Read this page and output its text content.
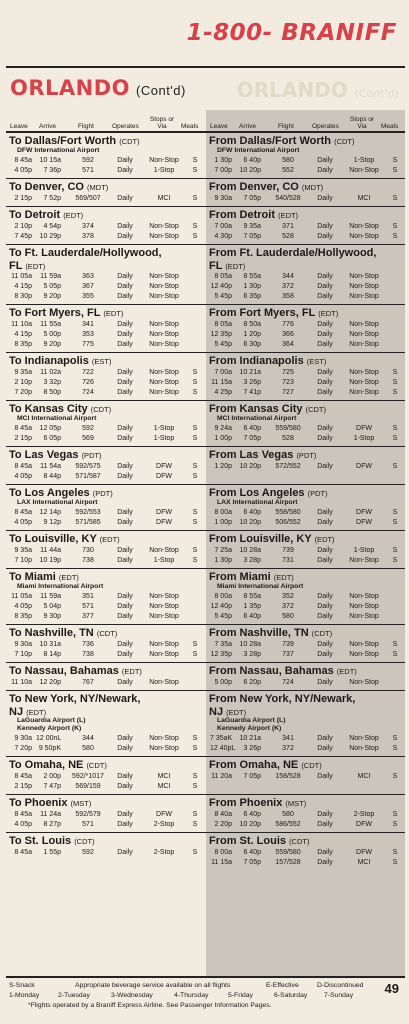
1-800- BRANIFF
ORLANDO (Cont'd)	ORLANDO (Cont'd)
Leave Arrive	Flight	Operates
Stops or Via	Meals Leave Arrive	Flight	Operates
Stops or Via	Meals
To Dallas/Fort Worth (CDT)
DFW International Airport
8 45a	10 15a	592	Daily	Non-Stop	S
4 05p	7 36p	571	Daily	1-Stop	S
From Dallas/Fort Worth (CDT)
DFW International Airport
1 30p	6 40p	580	Daily	1-Stop	S
7 00p	10 20p	552	Daily	Non-Stop	S
To Denver, CO (MDT)
2 15p	7 52p	569/507	Daily	MCI	S
From Denver, CO (MDT)
9 30a	7 05p	540/528	Daily	MCI	S
To Detroit (EDT)
2 10p	4 54p	374	Daily	Non-Stop	S
7 45p	10 29p	378	Daily	Non-Stop	S
From Detroit (EDT)
7 00a	9 35a	371	Daily	Non-Stop	S
4 30p	7 05p	528	Daily	Non-Stop	S
To Ft. Lauderdale/Hollywood,
FL (EDT)
11 05a	11 59a	363	Daily	Non-Stop
4 15p	5 05p	367	Daily	Non-Stop
8 30p	9 20p	355	Daily	Non-Stop
From Ft. Lauderdale/Hollywood,
FL (EDT)
8 05a	8 55a	344	Daily	Non-Stop
12 40p	1 30p	372	Daily	Non-Stop
5 45p	6 35p	358	Daily	Non-Stop
To Fort Myers, FL (EDT)
11 10a	11 55a	341	Daily	Non-Stop
4 15p	5 00p	353	Daily	Non-Stop
8 35p	9 20p	775	Daily	Non-Stop
From Fort Myers, FL (EDT)
8 05a	8 50a	776	Daily	Non-Stop
12 35p	1 20p	366	Daily	Non-Stop
5 45p	6 30p	364	Daily	Non-Stop
To Indianapolis (EST)
9 35a	11 02a	722	Daily	Non-Stop	S
2 10p	3 32p	726	Daily	Non-Stop	S
7 20p	8 50p	724	Daily	Non-Stop	S
From Indianapolis (EST)
7 00a	10 21a	725	Daily	Non-Stop	S
11 15a	3 26p	723	Daily	Non-Stop	S
4 25p	7 41p	727	Daily	Non-Stop	S
To Kansas City (CDT)
MCI International Airport
8 45a	12 05p	592	Daily	1-Stop	S
2 15p	6 05p	569	Daily	1-Stop	S
From Kansas City (CDT)
MCI International Airport
9 24a	6 40p	559/580	Daily	DFW	S
1 00p	7 05p	528	Daily	1-Stop	S
To Las Vegas (PDT)
8 45a	11 54a	592/575	Daily	DFW	S
4 05p	8 44p	571/587	Daily	DFW	S
From Las Vegas (PDT)
1 20p	10 20p	572/552	Daily	DFW	S
To Los Angeles (PDT)
LAX International Airport
8 45a	12 14p	592/553	Daily	DFW	S
4 05p	9 12p	571/585	Daily	DFW	S
From Los Angeles (PDT)
LAX International Airport
8 00a	6 40p	558/580	Daily	DFW	S
1 00p	10 20p	506/552	Daily	DFW	S
To Louisville, KY (EDT)
9 35a	11 44a	730	Daily	Non-Stop	S
7 10p	10 19p	738	Daily	1-Stop	S
From Louisville, KY (EDT)
7 25a	10 28a	739	Daily	1-Stop	S
1 30p	3 28p	731	Daily	Non-Stop	S
To Miami (EDT)
Miami International Airport
11 05a	11 59a	351	Daily	Non-Stop
4 05p	5 04p	571	Daily	Non-Stop
8 35p	9 30p	377	Daily	Non-Stop
From Miami (EDT)
Miami International Airport
8 00a	8 55a	352	Daily	Non-Stop
12 40p	1 35p	372	Daily	Non-Stop
5 45p	6 40p	580	Daily	Non-Stop
To Nashville, TN (CDT)
9 30a	10 31a	736	Daily	Non-Stop	S
7 10p	8 14p	738	Daily	Non-Stop	S
From Nashville, TN (CDT)
7 35a	10 28a	739	Daily	Non-Stop	S
12 35p	3 28p	737	Daily	Non-Stop	S
To Nassau, Bahamas (EDT)
11 10a	12 20p	767	Daily	Non-Stop
From Nassau, Bahamas (EDT)
5 00p	6 20p	724	Daily	Non-Stop
To New York, NY/Newark,
NJ (EDT)
LaGuardia Airport (L)
Kennedy Airport (K)
9 30a 12 00nL	344	Daily	Non-Stop	S
7 20p 9 50pK	580	Daily	Non-Stop	S
From New York, NY/Newark,
NJ (EDT)
LaGuardia Airport (L)
Kennedy Airport (K)
7 35aK	10 21a	341	Daily	Non-Stop	S
12 40pL	3 26p	372	Daily	Non-Stop	S
To Omaha, NE (CDT)
8 45a	2 00p	592/*1017	Daily	MCI	S
2 15p	7 47p	569/159	Daily	MCI	S
From Omaha, NE (CDT)
11 20a	7 05p	158/528	Daily	MCI	S
To Phoenix (MST)
8 45a	11 24a	592/579	Daily	DFW	S
4 05p	8 27p	571	Daily	2-Stop	S
From Phoenix (MST)
8 40a	6 40p	580	Daily	2-Stop	S
2 20p	10 20p	586/552	Daily	DFW	S
To St. Louis (CDT)
8 45a	1 55p	592	Daily	2-Stop	S
From St. Louis (CDT)
8 00a	6 40p	559/580	Daily	DFW	S
11 15a	7 05p	157/528	Daily	MCI	S
S-Snack	Appropriate beverage service available on all flights	E-Effective	D-Discontinued
1-Monday	2-Tuesday	3-Wednesday	4-Thursday	5-Friday	6-Saturday 7-Sunday
*Flights operated by a Braniff Express Airline. See Passenger Information Pages.
49
